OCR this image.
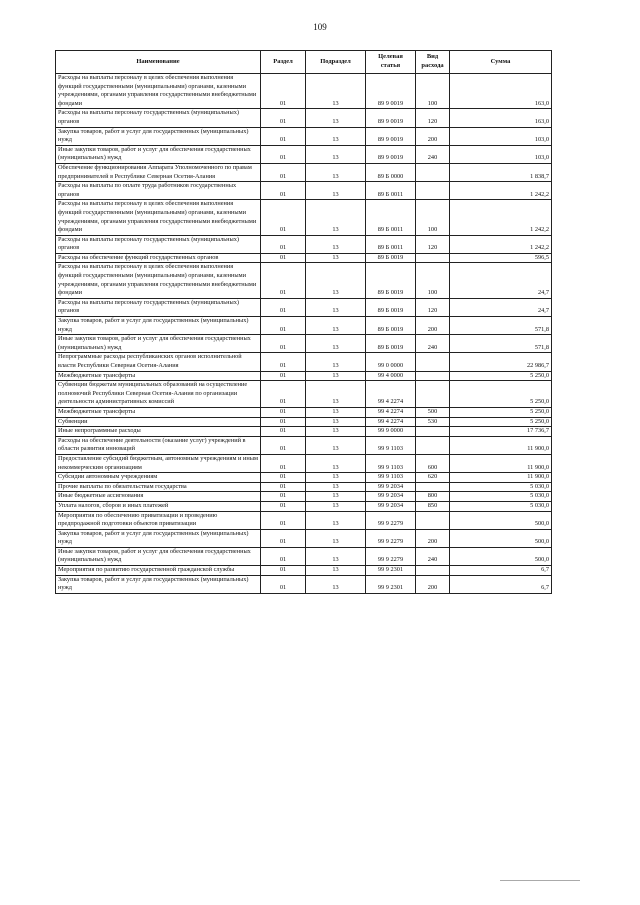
109
Наименование	Раздел	Подраздел	Целевая статья	Вид расхода	Сумма
Расходы на выплаты персоналу в целях обеспечения выполнения функций государственными (муниципальными) органами, казенными учреждениями, органами управления государственными внебюджетными фондами	01	13	89 9 0019	100	163,0
Расходы на выплаты персоналу государственных (муниципальных) органов	01	13	89 9 0019	120	163,0
Закупка товаров, работ и услуг для государственных (муниципальных) нужд	01	13	89 9 0019	200	103,0
Иные закупки товаров, работ и услуг для обеспечения государственных (муниципальных) нужд	01	13	89 9 0019	240	103,0
Обеспечение функционирования Аппарата Уполномоченного по правам предпринимателей в Республике Северная Осетия-Алания	01	13	89 Б 0000		1 838,7
Расходы на выплаты по оплате труда работников государственных органов	01	13	89 Б 0011		1 242,2
Расходы на выплаты персоналу в целях обеспечения выполнения функций государственными (муниципальными) органами, казенными учреждениями, органами управления государственными внебюджетными фондами	01	13	89 Б 0011	100	1 242,2
Расходы на выплаты персоналу государственных (муниципальных) органов	01	13	89 Б 0011	120	1 242,2
Расходы на обеспечение функций государственных органов	01	13	89 Б 0019		596,5
Расходы на выплаты персоналу в целях обеспечения выполнения функций государственными (муниципальными) органами, казенными учреждениями, органами управления государственными внебюджетными фондами	01	13	89 Б 0019	100	24,7
Расходы на выплаты персоналу государственных (муниципальных) органов	01	13	89 Б 0019	120	24,7
Закупка товаров, работ и услуг для государственных (муниципальных) нужд	01	13	89 Б 0019	200	571,8
Иные закупки товаров, работ и услуг для обеспечения государственных (муниципальных) нужд	01	13	89 Б 0019	240	571,8
Непрограммные расходы республиканских органов исполнительной власти Республики Северная Осетия-Алания	01	13	99 0 0000		22 986,7
Межбюджетные трансферты	01	13	99 4 0000		5 250,0
Субвенции бюджетам муниципальных образований на осуществление полномочий Республики Северная Осетия-Алания по организации деятельности административных комиссий	01	13	99 4 2274		5 250,0
Межбюджетные трансферты	01	13	99 4 2274	500	5 250,0
Субвенции	01	13	99 4 2274	530	5 250,0
Иные непрограммные расходы	01	13	99 9 0000		17 736,7
Расходы на обеспечение деятельности (оказание услуг) учреждений в области развития инноваций	01	13	99 9 1103		11 900,0
Предоставление субсидий бюджетным, автономным учреждениям и иным некоммерческим организациям	01	13	99 9 1103	600	11 900,0
Субсидии автономным учреждениям	01	13	99 9 1103	620	11 900,0
Прочие выплаты по обязательствам государства	01	13	99 9 2034		5 030,0
Иные бюджетные ассигнования	01	13	99 9 2034	800	5 030,0
Уплата налогов, сборов и иных платежей	01	13	99 9 2034	850	5 030,0
Мероприятия по обеспечению приватизации и проведению предпродажной подготовки объектов приватизации	01	13	99 9 2279		500,0
Закупка товаров, работ и услуг для государственных (муниципальных) нужд	01	13	99 9 2279	200	500,0
Иные закупки товаров, работ и услуг для обеспечения государственных (муниципальных) нужд	01	13	99 9 2279	240	500,0
Мероприятия по развитию государственной гражданской службы	01	13	99 9 2301		6,7
Закупка товаров, работ и услуг для государственных (муниципальных) нужд	01	13	99 9 2301	200	6,7
